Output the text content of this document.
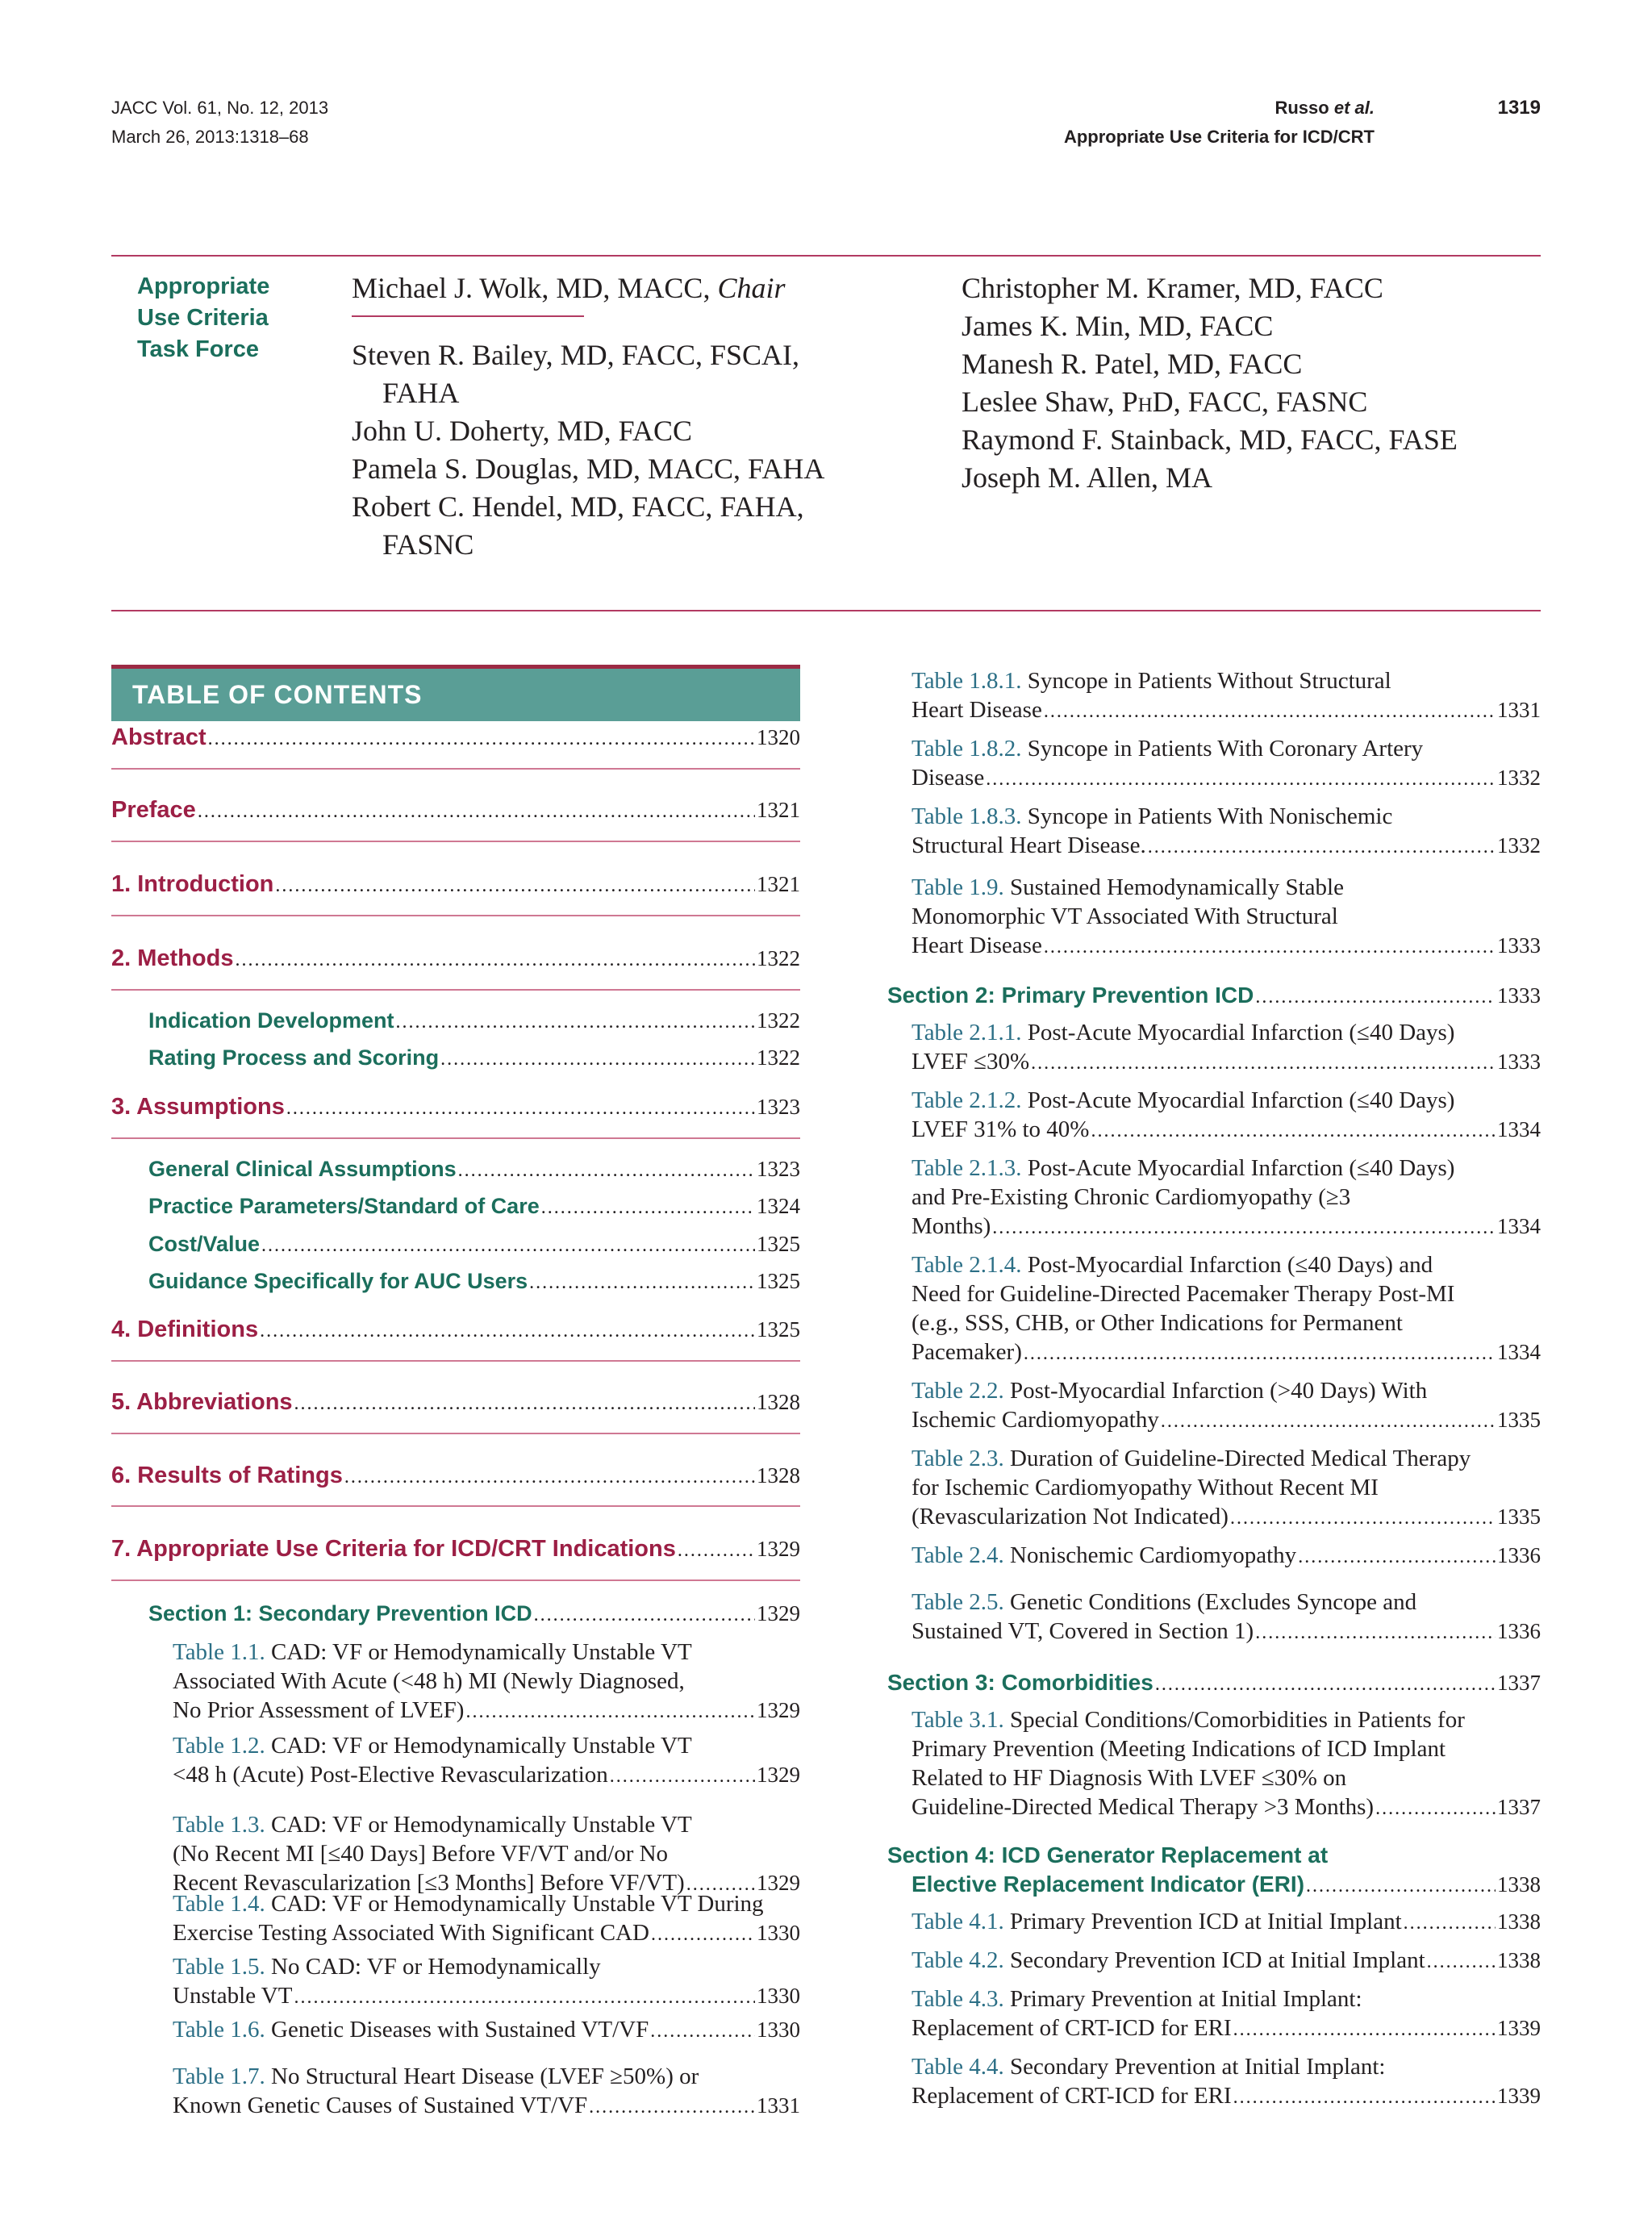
JACC Vol. 61, No. 12, 2013
March 26, 2013:1318–68
Russo et al.
Appropriate Use Criteria for ICD/CRT
1319
Appropriate
Use Criteria
Task Force
Michael J. Wolk, MD, MACC, Chair
Steven R. Bailey, MD, FACC, FSCAI,
FAHA
John U. Doherty, MD, FACC
Pamela S. Douglas, MD, MACC, FAHA
Robert C. Hendel, MD, FACC, FAHA,
FASNC
Christopher M. Kramer, MD, FACC
James K. Min, MD, FACC
Manesh R. Patel, MD, FACC
Leslee Shaw, PhD, FACC, FASNC
Raymond F. Stainback, MD, FACC, FASE
Joseph M. Allen, MA
TABLE OF CONTENTS
Abstract .....	1320
Preface .....	1321
1. Introduction .....	1321
2. Methods .....	1322
Indication Development .....	1322
Rating Process and Scoring .....	1322
3. Assumptions .....	1323
General Clinical Assumptions .....	1323
Practice Parameters/Standard of Care .....	1324
Cost/Value .....	1325
Guidance Specifically for AUC Users .....	1325
4. Definitions .....	1325
5. Abbreviations .....	1328
6. Results of Ratings .....	1328
7. Appropriate Use Criteria for ICD/CRT Indications .....	1329
Section 1: Secondary Prevention ICD .....	1329
Table 1.1. CAD: VF or Hemodynamically Unstable VT
Associated With Acute (<48 h) MI (Newly Diagnosed,
No Prior Assessment of LVEF) .....	1329
Table 1.2. CAD: VF or Hemodynamically Unstable VT
<48 h (Acute) Post-Elective Revascularization .....	1329
Table 1.3. CAD: VF or Hemodynamically Unstable VT
(No Recent MI [≤40 Days] Before VF/VT and/or No
Recent Revascularization [≤3 Months] Before VF/VT) .....	1329
Table 1.4. CAD: VF or Hemodynamically Unstable VT During
Exercise Testing Associated With Significant CAD .....	1330
Table 1.5. No CAD: VF or Hemodynamically
Unstable VT .....	1330
Table 1.6. Genetic Diseases with Sustained VT/VF .....	1330
Table 1.7. No Structural Heart Disease (LVEF ≥50%) or
Known Genetic Causes of Sustained VT/VF .....	1331
Table 1.8.1. Syncope in Patients Without Structural
Heart Disease .....	1331
Table 1.8.2. Syncope in Patients With Coronary Artery
Disease .....	1332
Table 1.8.3. Syncope in Patients With Nonischemic
Structural Heart Disease. .....	1332
Table 1.9. Sustained Hemodynamically Stable
Monomorphic VT Associated With Structural
Heart Disease .....	1333
Section 2: Primary Prevention ICD .....	1333
Table 2.1.1. Post-Acute Myocardial Infarction (≤40 Days)
LVEF ≤30% .....	1333
Table 2.1.2. Post-Acute Myocardial Infarction (≤40 Days)
LVEF 31% to 40% .....	1334
Table 2.1.3. Post-Acute Myocardial Infarction (≤40 Days)
and Pre-Existing Chronic Cardiomyopathy (≥3
Months) .....	1334
Table 2.1.4. Post-Myocardial Infarction (≤40 Days) and
Need for Guideline-Directed Pacemaker Therapy Post-MI
(e.g., SSS, CHB, or Other Indications for Permanent
Pacemaker) .....	1334
Table 2.2. Post-Myocardial Infarction (>40 Days) With
Ischemic Cardiomyopathy .....	1335
Table 2.3. Duration of Guideline-Directed Medical Therapy
for Ischemic Cardiomyopathy Without Recent MI
(Revascularization Not Indicated) .....	1335
Table 2.4. Nonischemic Cardiomyopathy .....	1336
Table 2.5. Genetic Conditions (Excludes Syncope and
Sustained VT, Covered in Section 1) .....	1336
Section 3: Comorbidities .....	1337
Table 3.1. Special Conditions/Comorbidities in Patients for
Primary Prevention (Meeting Indications of ICD Implant
Related to HF Diagnosis With LVEF ≤30% on
Guideline-Directed Medical Therapy >3 Months) .....	1337
Section 4: ICD Generator Replacement at
Elective Replacement Indicator (ERI) .....	1338
Table 4.1. Primary Prevention ICD at Initial Implant .....	1338
Table 4.2. Secondary Prevention ICD at Initial Implant .....	1338
Table 4.3. Primary Prevention at Initial Implant:
Replacement of CRT-ICD for ERI .....	1339
Table 4.4. Secondary Prevention at Initial Implant:
Replacement of CRT-ICD for ERI .....	1339
